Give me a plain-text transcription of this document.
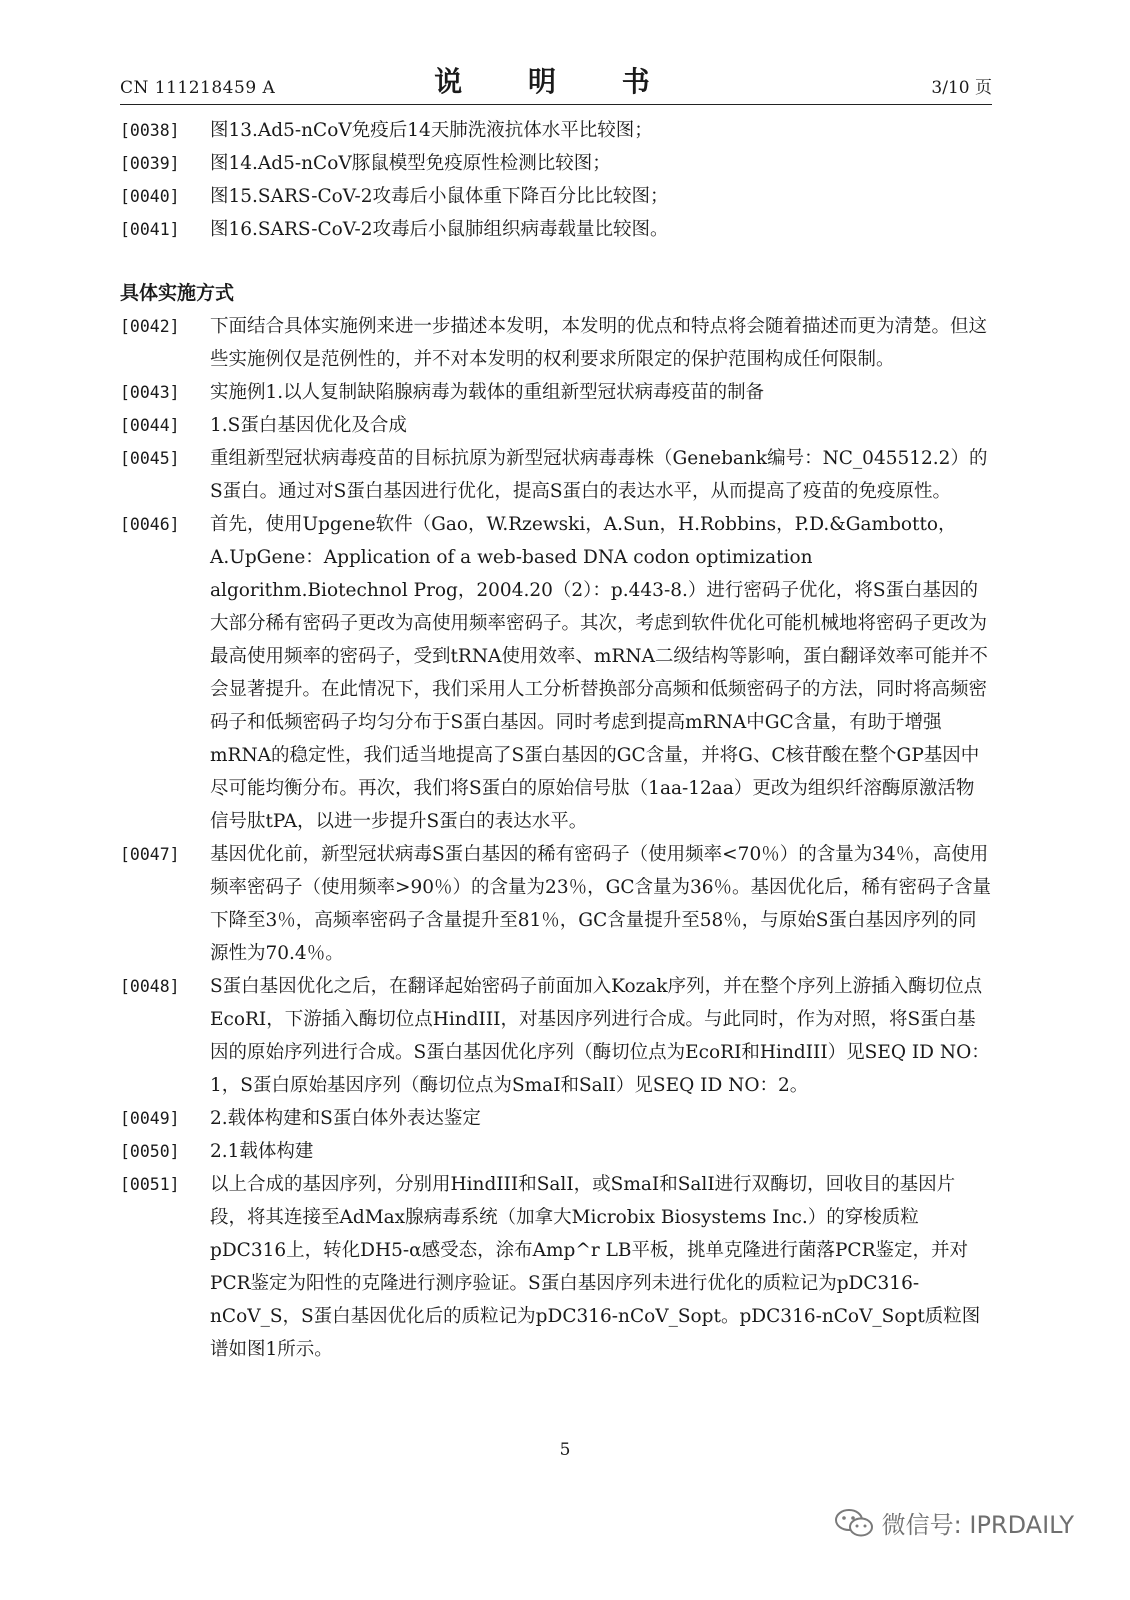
CN 111218459 A	说 明 书	3/10 页
[0038]	图13.Ad5-nCoV免疫后14天肺洗液抗体水平比较图；
[0039]	图14.Ad5-nCoV豚鼠模型免疫原性检测比较图；
[0040]	图15.SARS-CoV-2攻毒后小鼠体重下降百分比比较图；
[0041]	图16.SARS-CoV-2攻毒后小鼠肺组织病毒载量比较图。
具体实施方式
[0042]	下面结合具体实施例来进一步描述本发明，本发明的优点和特点将会随着描述而更为清楚。但这些实施例仅是范例性的，并不对本发明的权利要求所限定的保护范围构成任何限制。
[0043]	实施例1.以人复制缺陷腺病毒为载体的重组新型冠状病毒疫苗的制备
[0044]	1.S蛋白基因优化及合成
[0045]	重组新型冠状病毒疫苗的目标抗原为新型冠状病毒毒株（Genebank编号：NC_045512.2）的S蛋白。通过对S蛋白基因进行优化，提高S蛋白的表达水平，从而提高了疫苗的免疫原性。
[0046]	首先，使用Upgene软件（Gao，W.Rzewski，A.Sun，H.Robbins，P.D.&Gambotto，A.UpGene：Application of a web-based DNA codon optimization algorithm.Biotechnol Prog，2004.20（2）：p.443-8.）进行密码子优化，将S蛋白基因的大部分稀有密码子更改为高使用频率密码子。其次，考虑到软件优化可能机械地将密码子更改为最高使用频率的密码子，受到tRNA使用效率、mRNA二级结构等影响，蛋白翻译效率可能并不会显著提升。在此情况下，我们采用人工分析替换部分高频和低频密码子的方法，同时将高频密码子和低频密码子均匀分布于S蛋白基因。同时考虑到提高mRNA中GC含量，有助于增强mRNA的稳定性，我们适当地提高了S蛋白基因的GC含量，并将G、C核苷酸在整个GP基因中尽可能均衡分布。再次，我们将S蛋白的原始信号肽（1aa-12aa）更改为组织纤溶酶原激活物信号肽tPA，以进一步提升S蛋白的表达水平。
[0047]	基因优化前，新型冠状病毒S蛋白基因的稀有密码子（使用频率<70％）的含量为34％，高使用频率密码子（使用频率>90％）的含量为23％，GC含量为36％。基因优化后，稀有密码子含量下降至3％，高频率密码子含量提升至81％，GC含量提升至58％，与原始S蛋白基因序列的同源性为70.4％。
[0048]	S蛋白基因优化之后，在翻译起始密码子前面加入Kozak序列，并在整个序列上游插入酶切位点EcoRI，下游插入酶切位点HindIII，对基因序列进行合成。与此同时，作为对照，将S蛋白基因的原始序列进行合成。S蛋白基因优化序列（酶切位点为EcoRI和HindIII）见SEQ ID NO：1，S蛋白原始基因序列（酶切位点为SmaI和SalI）见SEQ ID NO：2。
[0049]	2.载体构建和S蛋白体外表达鉴定
[0050]	2.1载体构建
[0051]	以上合成的基因序列，分别用HindIII和SalI，或SmaI和SalI进行双酶切，回收目的基因片段，将其连接至AdMax腺病毒系统（加拿大Microbix Biosystems Inc.）的穿梭质粒pDC316上，转化DH5-α感受态，涂布Amp^r LB平板，挑单克隆进行菌落PCR鉴定，并对PCR鉴定为阳性的克隆进行测序验证。S蛋白基因序列未进行优化的质粒记为pDC316-nCoV_S，S蛋白基因优化后的质粒记为pDC316-nCoV_Sopt。pDC316-nCoV_Sopt质粒图谱如图1所示。
5
微信号: IPRDAILY
